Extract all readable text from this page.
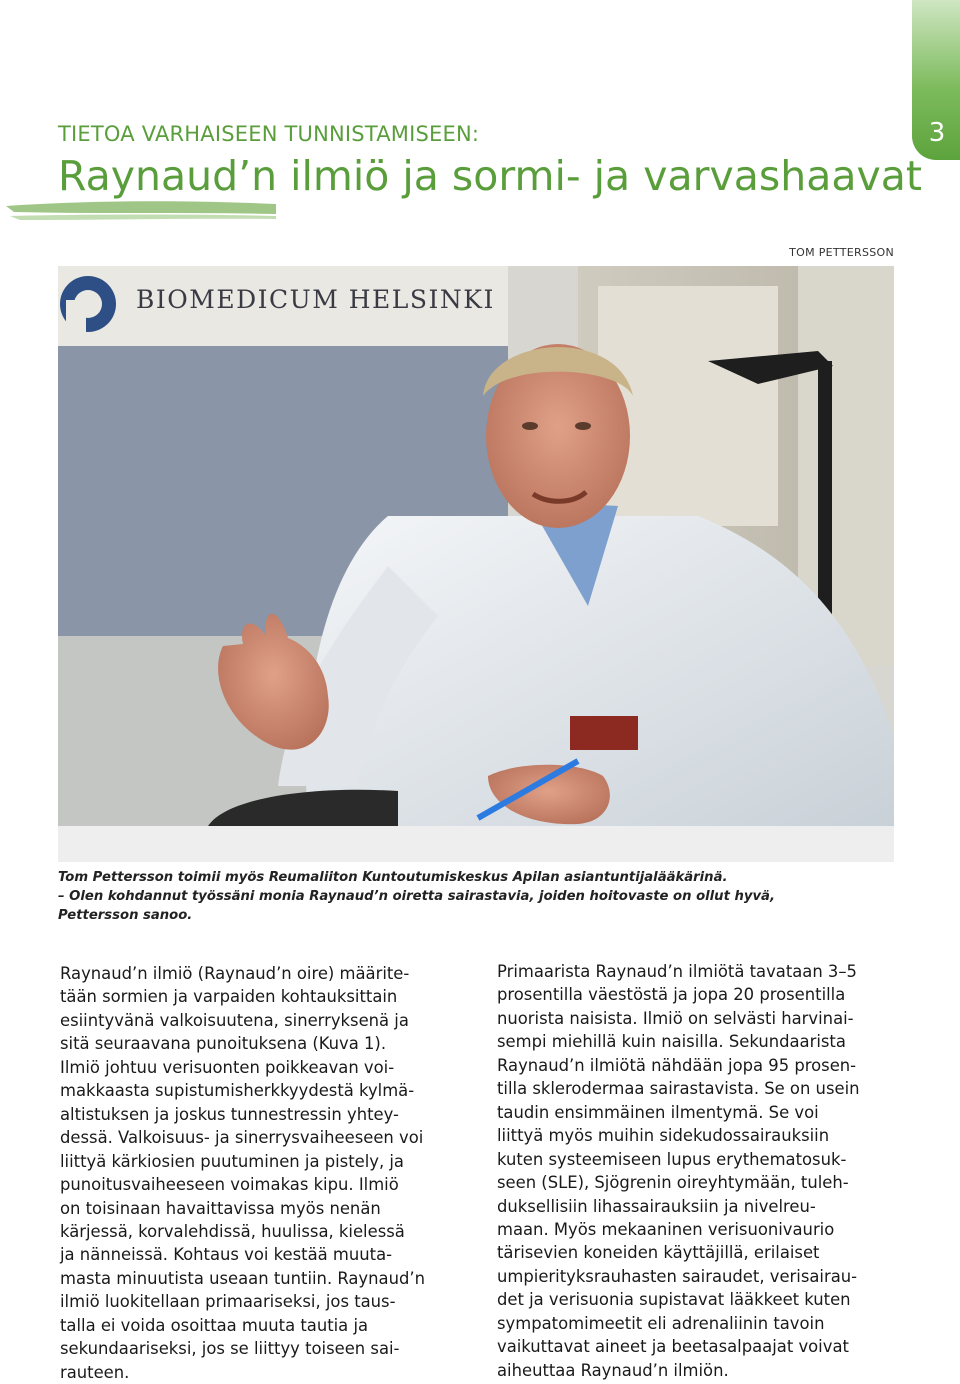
3
TIETOA VARHAISEEN TUNNISTAMISEEN:
Raynaud’n ilmiö ja sormi- ja varvashaavat
TOM PETTERSSON
BIOMEDICUM HELSINKI

Tom Pettersson toimii myös Reumaliiton Kuntoutumiskeskus Apilan asiantuntijalääkärinä.
– Olen kohdannut työssäni monia Raynaud’n oiretta sairastavia, joiden hoitovaste on ollut hyvä,
Pettersson sanoo.

Raynaud’n ilmiö (Raynaud’n oire) määrite-
tään sormien ja varpaiden kohtauksittain
esiintyvänä valkoisuutena, sinerryksenä ja
sitä seuraavana punoituksena (Kuva 1).
Ilmiö johtuu verisuonten poikkeavan voi-
makkaasta supistumisherkkyydestä kylmä-
altistuksen ja joskus tunnestressin yhtey-
dessä. Valkoisuus- ja sinerrysvaiheeseen voi
liittyä kärkiosien puutuminen ja pistely, ja
punoitusvaiheeseen voimakas kipu. Ilmiö
on toisinaan havaittavissa myös nenän
kärjessä, korvalehdissä, huulissa, kielessä
ja nänneissä. Kohtaus voi kestää muuta-
masta minuutista useaan tuntiin. Raynaud’n
ilmiö luokitellaan primaariseksi, jos taus-
talla ei voida osoittaa muuta tautia ja
sekundaariseksi, jos se liittyy toiseen sai-
rauteen.

Primaarista Raynaud’n ilmiötä tavataan 3–5
prosentilla väestöstä ja jopa 20 prosentilla
nuorista naisista. Ilmiö on selvästi harvinai-
sempi miehillä kuin naisilla. Sekundaarista
Raynaud’n ilmiötä nähdään jopa 95 prosen-
tilla sklerodermaa sairastavista. Se on usein
taudin ensimmäinen ilmentymä. Se voi
liittyä myös muihin sidekudossairauksiin
kuten systeemiseen lupus erythematosuk-
seen (SLE), Sjögrenin oireyhtymään, tuleh-
duksellisiin lihassairauksiin ja nivelreu-
maan. Myös mekaaninen verisuonivaurio
tärisevien koneiden käyttäjillä, erilaiset
umpierityksrauhasten sairaudet, verisairau-
det ja verisuonia supistavat lääkkeet kuten
sympatomimeetit eli adrenaliinin tavoin
vaikuttavat aineet ja beetasalpaajat voivat
aiheuttaa Raynaud’n ilmiön.
